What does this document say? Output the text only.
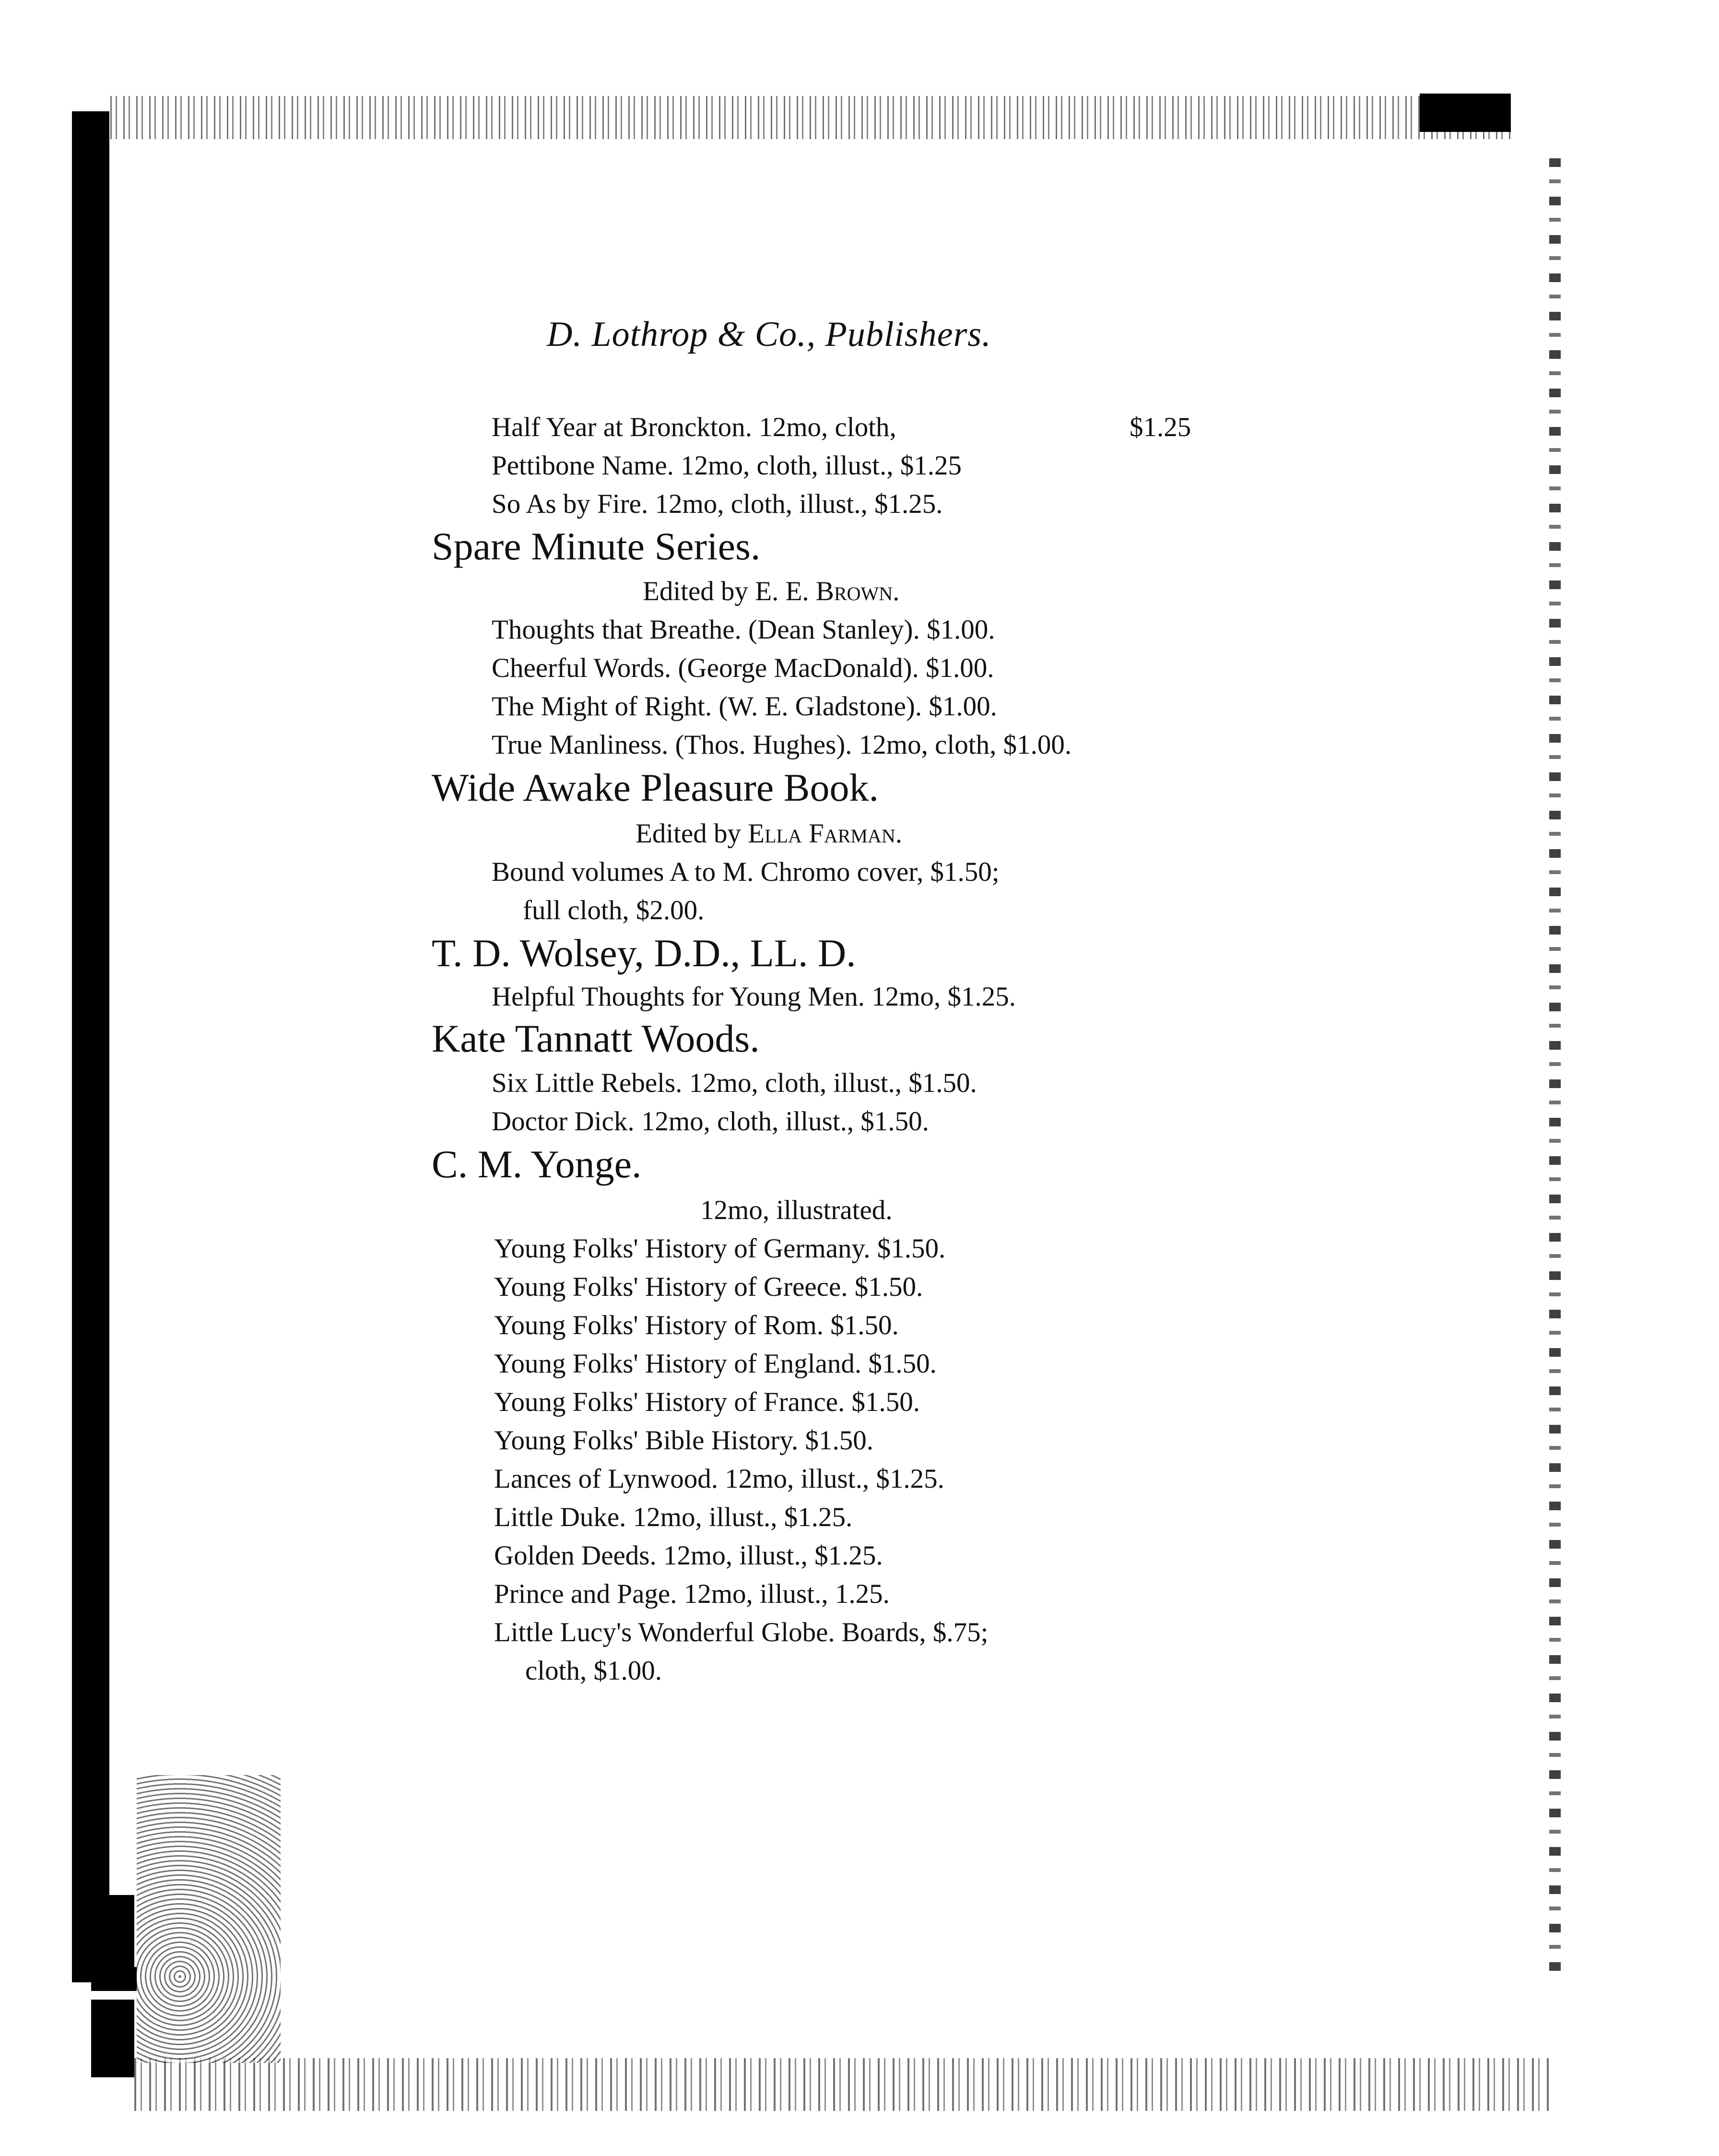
D. Lothrop & Co., Publishers.
Half Year at Bronckton. 12mo, cloth,	$1.25
Pettibone Name. 12mo, cloth, illust., $1.25
So As by Fire. 12mo, cloth, illust., $1.25.
Spare Minute Series.
Edited by E. E. Brown.
Thoughts that Breathe. (Dean Stanley). $1.00.
Cheerful Words. (George MacDonald). $1.00.
The Might of Right. (W. E. Gladstone). $1.00.
True Manliness. (Thos. Hughes). 12mo, cloth, $1.00.
Wide Awake Pleasure Book.
Edited by Ella Farman.
Bound volumes A to M. Chromo cover, $1.50;
full cloth, $2.00.
T. D. Wolsey, D.D., LL. D.
Helpful Thoughts for Young Men. 12mo, $1.25.
Kate Tannatt Woods.
Six Little Rebels. 12mo, cloth, illust., $1.50.
Doctor Dick. 12mo, cloth, illust., $1.50.
C. M. Yonge.
12mo, illustrated.
Young Folks' History of Germany. $1.50.
Young Folks' History of Greece. $1.50.
Young Folks' History of Rom. $1.50.
Young Folks' History of England. $1.50.
Young Folks' History of France. $1.50.
Young Folks' Bible History. $1.50.
Lances of Lynwood. 12mo, illust., $1.25.
Little Duke. 12mo, illust., $1.25.
Golden Deeds. 12mo, illust., $1.25.
Prince and Page. 12mo, illust., 1.25.
Little Lucy's Wonderful Globe. Boards, $.75;
cloth, $1.00.
